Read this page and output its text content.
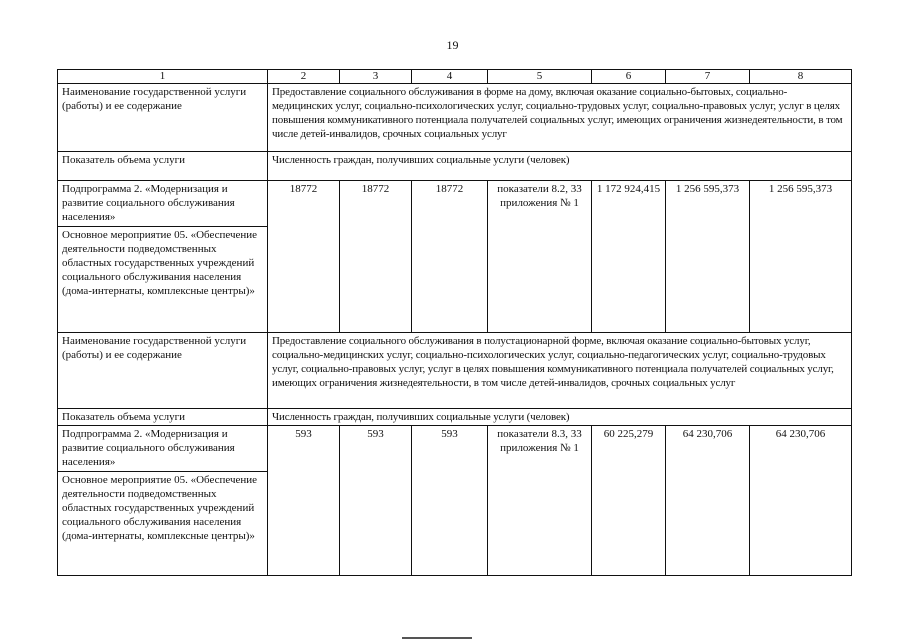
19
1	2	3	4	5	6	7	8
Наименование государственной услуги (работы) и ее содержание	Предоставление социального обслуживания в форме на дому, включая оказание социально-бытовых, социально-медицинских услуг, социально-психологических услуг, социально-трудовых услуг, социально-правовых услуг, услуг в целях повышения коммуникативного потенциала получателей социальных услуг, имеющих ограничения жизнедеятельности, в том числе детей-инвалидов, срочных социальных услуг						
Показатель объема услуги	Численность граждан, получивших социальные услуги (человек)						
Подпрограмма 2. «Модернизация и развитие социального обслуживания населения»	18772	18772	18772	показатели 8.2, 33 приложения № 1	1 172 924,415	1 256 595,373	1 256 595,373
Основное мероприятие 05. «Обеспечение деятельности подведомственных областных государственных учреждений социального обслуживания населения (дома-интернаты, комплексные центры)»							
Наименование государственной услуги (работы) и ее содержание	Предоставление социального обслуживания в полустационарной форме, включая оказание социально-бытовых услуг, социально-медицинских услуг, социально-психологических услуг, социально-педагогических услуг, социально-трудовых услуг, социально-правовых услуг, услуг в целях повышения коммуникативного потенциала получателей социальных услуг, имеющих ограничения жизнедеятельности, в том числе детей-инвалидов, срочных социальных услуг						
Показатель объема услуги	Численность граждан, получивших социальные услуги (человек)						
Подпрограмма 2. «Модернизация и развитие социального обслуживания населения»	593	593	593	показатели 8.3, 33 приложения № 1	60 225,279	64 230,706	64 230,706
Основное мероприятие 05. «Обеспечение деятельности подведомственных областных государственных учреждений социального обслуживания населения (дома-интернаты, комплексные центры)»							
